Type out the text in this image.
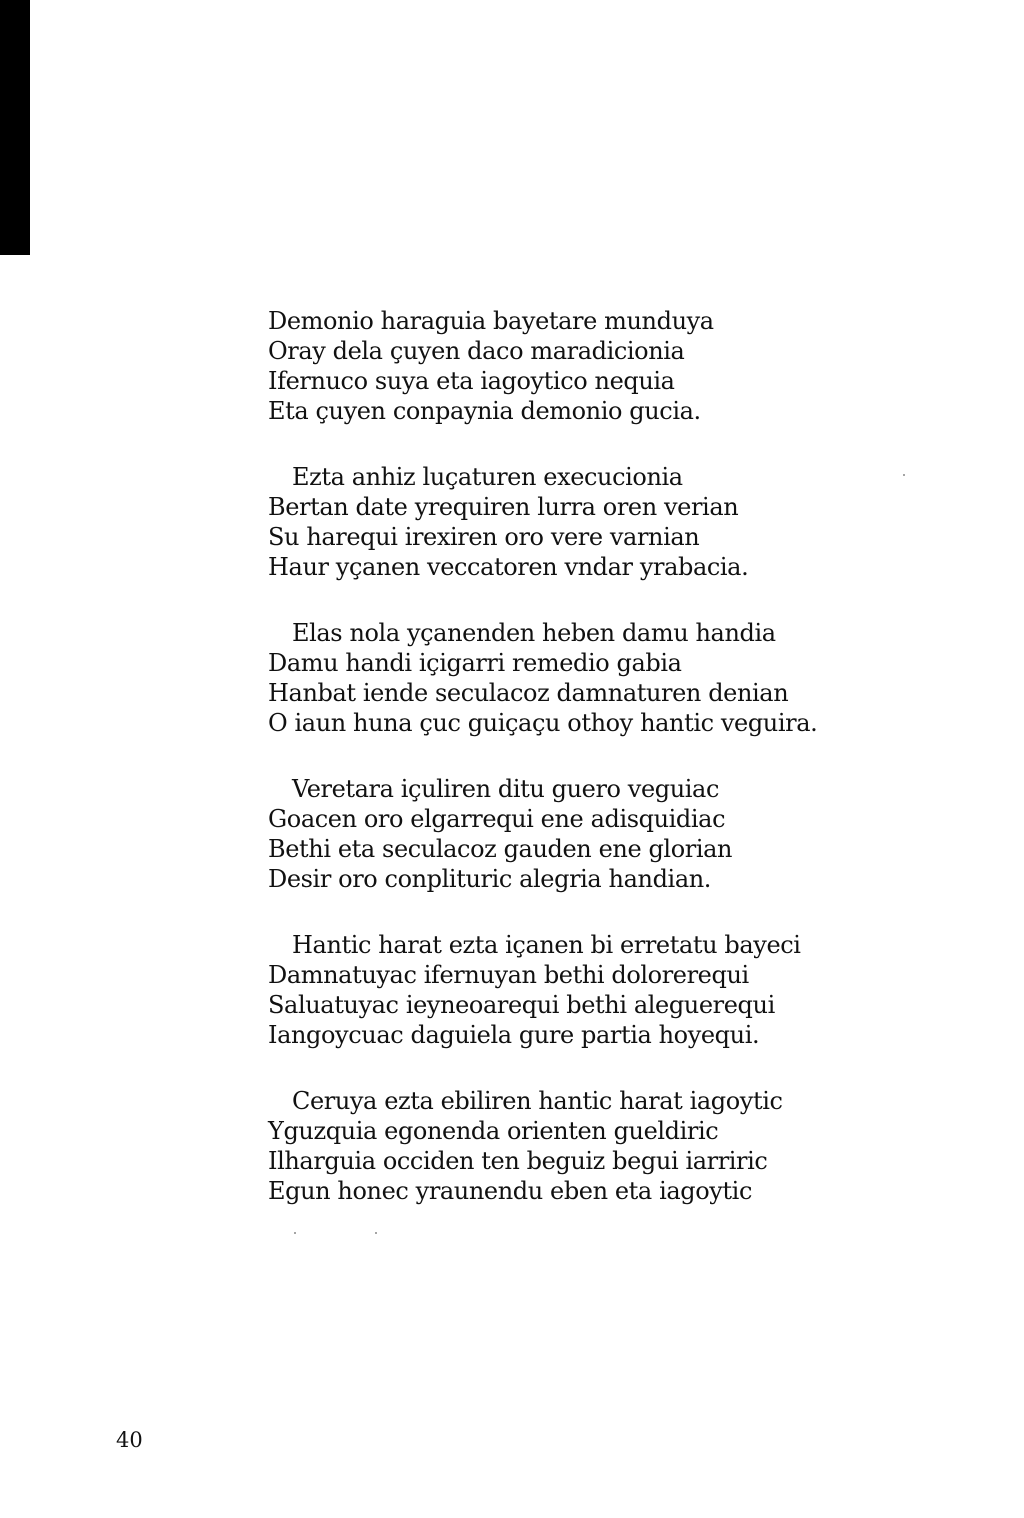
Demonio haraguia bayetare munduya
Oray dela çuyen daco maradicionia
Ifernuco suya eta iagoytico nequia
Eta çuyen conpaynia demonio gucia.
Ezta anhiz luçaturen execucionia
Bertan date yrequiren lurra oren verian
Su harequi irexiren oro vere varnian
Haur yçanen veccatoren vndar yrabacia.
Elas nola yçanenden heben damu handia
Damu handi içigarri remedio gabia
Hanbat iende seculacoz damnaturen denian
O iaun huna çuc guiçaçu othoy hantic veguira.
Veretara içuliren ditu guero veguiac
Goacen oro elgarrequi ene adisquidiac
Bethi eta seculacoz gauden ene glorian
Desir oro conplituric alegria handian.
Hantic harat ezta içanen bi erretatu bayeci
Damnatuyac ifernuyan bethi dolorerequi
Saluatuyac ieyneoarequi bethi aleguerequi
Iangoycuac daguiela gure partia hoyequi.
Ceruya ezta ebiliren hantic harat iagoytic
Yguzquia egonenda orienten gueldiric
Ilharguia occiden ten beguiz begui iarriric
Egun honec yraunendu eben eta iagoytic
40
